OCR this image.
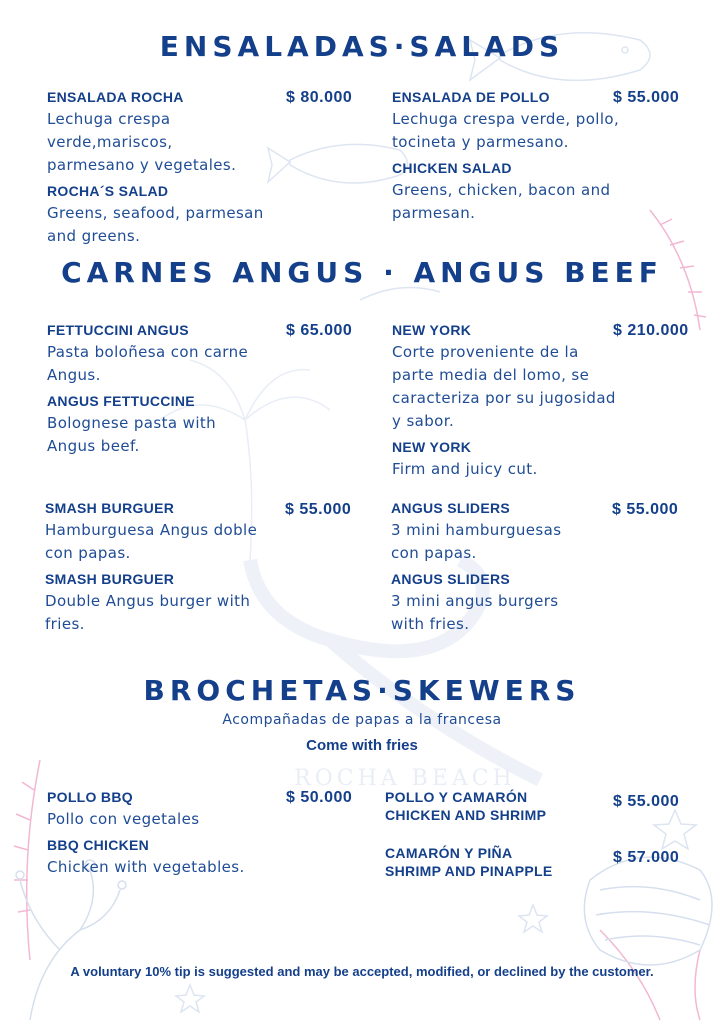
ROCHA BEACH
ENSALADAS·SALADS
ENSALADA ROCHA
Lechuga crespa verde,mariscos,
parmesano y vegetales.
ROCHA´S SALAD
Greens, seafood, parmesan
and greens.
$ 80.000	ENSALADA DE POLLO
Lechuga crespa verde, pollo,
tocineta y parmesano.
CHICKEN SALAD
Greens, chicken, bacon and
parmesan.
$ 55.000
CARNES ANGUS · ANGUS BEEF
FETTUCCINI ANGUS
Pasta boloñesa con carne
Angus.
ANGUS FETTUCCINE
Bolognese pasta with
Angus beef.
$ 65.000	NEW YORK
Corte proveniente de la
parte media del lomo, se
caracteriza por su jugosidad
y sabor.
NEW YORK
Firm and juicy cut.
$ 210.000
SMASH BURGUER
Hamburguesa Angus doble
con papas.
SMASH BURGUER
Double Angus burger with
fries.
$ 55.000	ANGUS SLIDERS
3 mini hamburguesas
con papas.
ANGUS SLIDERS
3 mini angus burgers
with fries.
$ 55.000
BROCHETAS·SKEWERS
Acompañadas de papas a la francesa
Come with fries
POLLO BBQ
Pollo con vegetales
BBQ CHICKEN
Chicken with vegetables.
$ 50.000 POLLO Y CAMARÓN
CHICKEN AND SHRIMP
$ 55.000
CAMARÓN Y PIÑA
SHRIMP AND PINAPPLE
$ 57.000
A voluntary 10% tip is suggested and may be accepted, modified, or declined by the customer.
